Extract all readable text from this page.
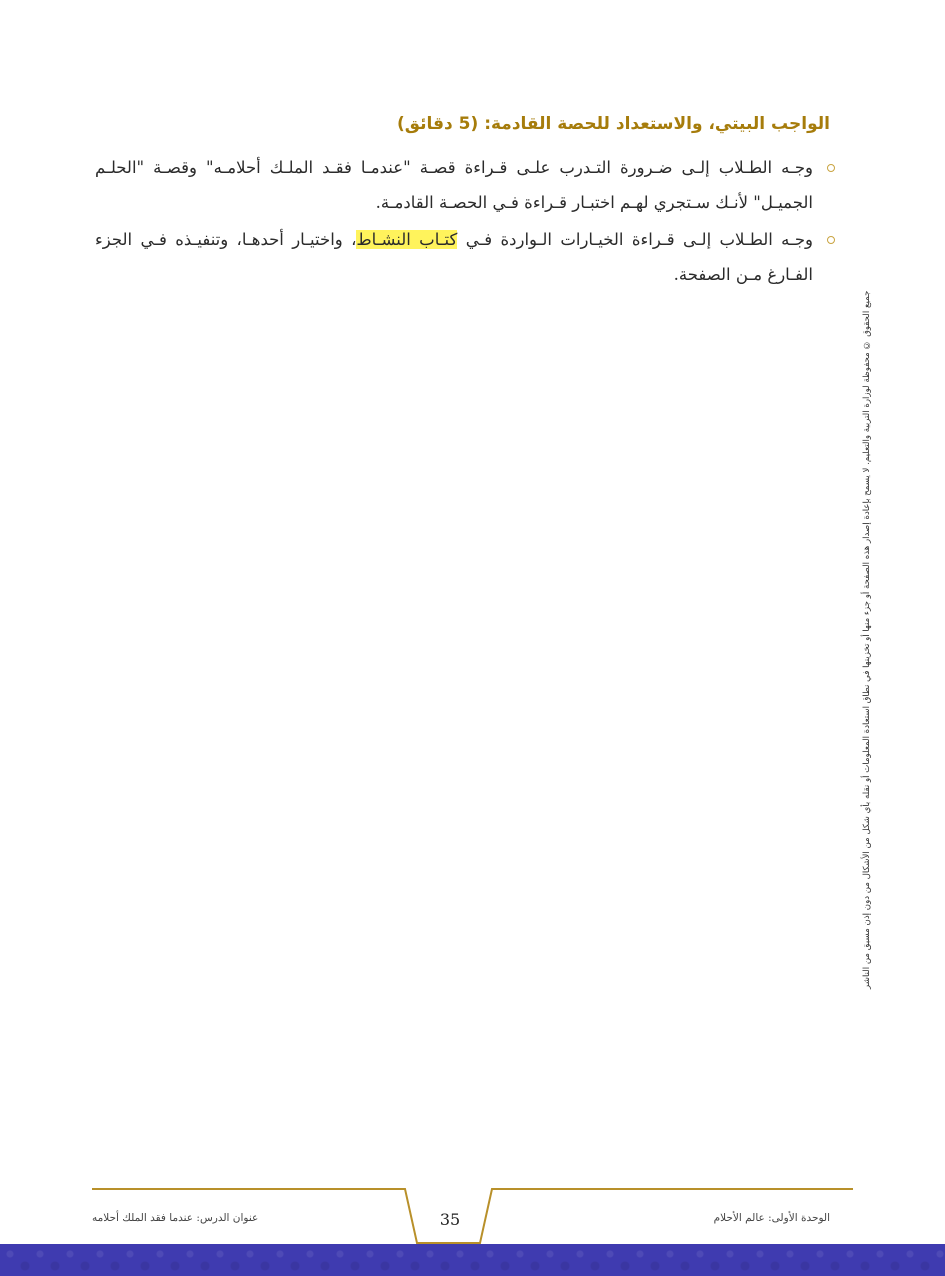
الواجب البيتي، والاستعداد للحصة القادمة: (5 دقائق)

وجـه الطـلاب إلـى ضـرورة التـدرب علـى قـراءة قصـة "عندمـا فقـد الملـك أحلامـه" وقصـة "الحلـم الجميـل" لأنـك سـتجري لهـم اختبـار قـراءة فـي الحصـة القادمـة.

وجـه الطـلاب إلـى قـراءة الخيـارات الـواردة فـي كتـاب النشـاط، واختيـار أحدهـا، وتنفيـذه فـي الجزء الفـارغ مـن الصفحة.

جميع الحقوق © محفوظة لوزارة التربية والتعليم. لا يسمح بإعادة إصدار هذه الصفحة أو جزء منها أو تخزينها في نطاق استعادة المعلومات أو نقله بأي شكل من الأشكال من دون إذن مسبق من الناشر
عنوان الدرس: عندما فقد الملك أحلامه	35	الوحدة الأولى: عالم الأحلام
